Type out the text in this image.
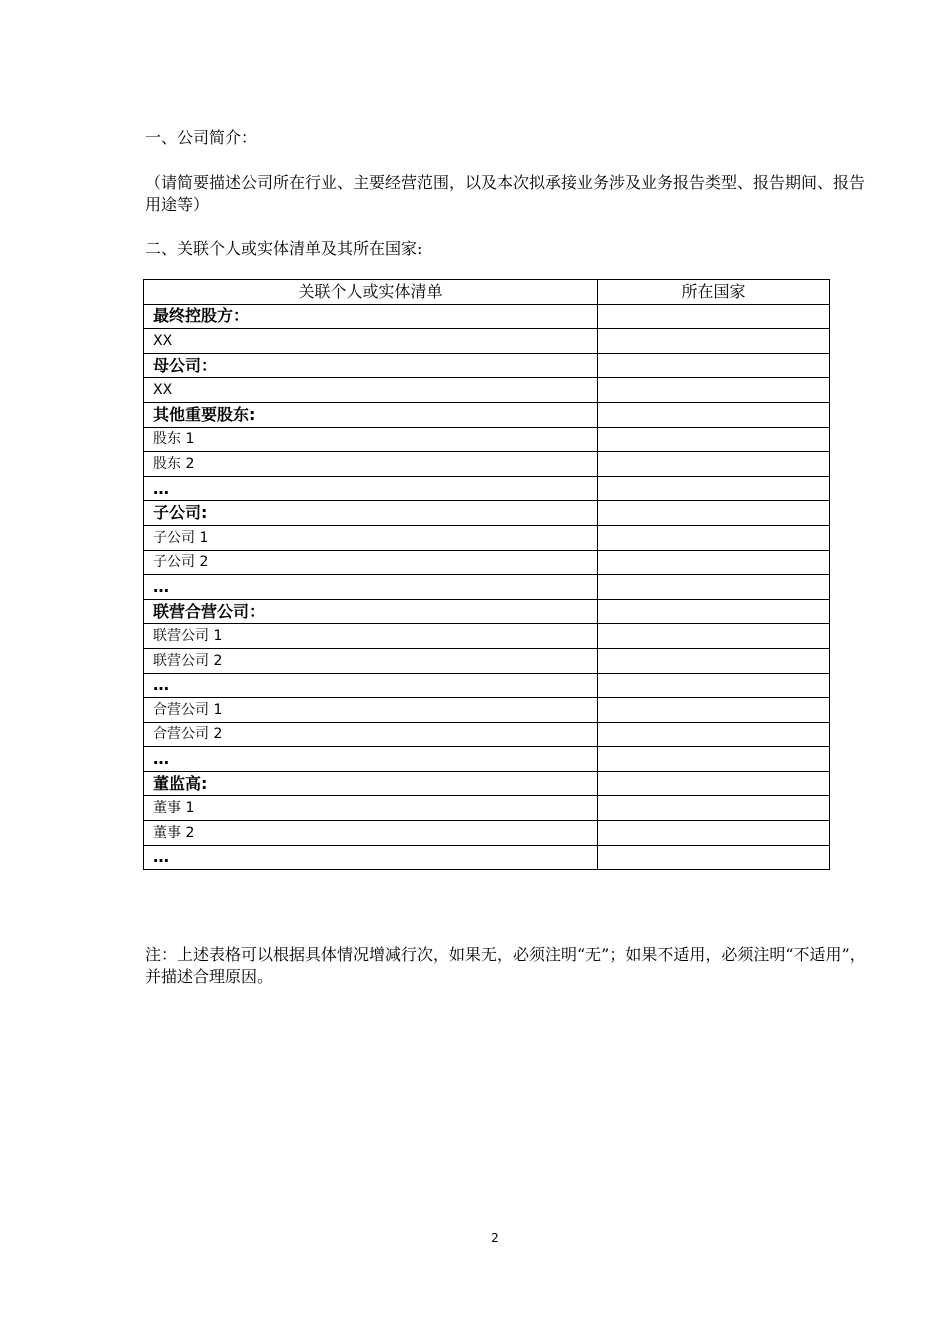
一、公司简介：
（请简要描述公司所在行业、主要经营范围，以及本次拟承接业务涉及业务报告类型、报告期间、报告用途等）
二、关联个人或实体清单及其所在国家:
关联个人或实体清单	所在国家
最终控股方：	
XX	
母公司：	
XX	
其他重要股东:	
股东 1	
股东 2	
…	
子公司:	
子公司 1	
子公司 2	
…	
联营合营公司：	
联营公司 1	
联营公司 2	
…	
合营公司 1	
合营公司 2	
…	
董监高:	
董事 1	
董事 2	
…	
注：上述表格可以根据具体情况增减行次，如果无，必须注明“无”；如果不适用，必须注明“不适用”，并描述合理原因。
2
